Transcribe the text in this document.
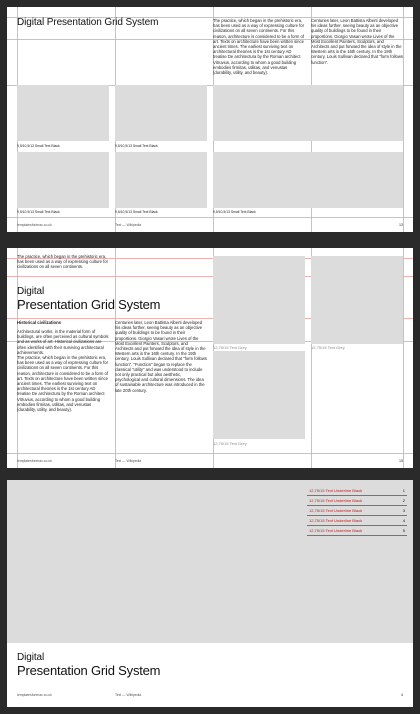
Digital Presentation Grid System	The practice, which began in the prehistoric era, has been used as a way of expressing culture for civilizations on all seven continents. For this reason, architecture is considered to be a form of art. Texts on architecture have been written since ancient times. The earliest surviving text on architectural theories is the 1st century AD treatise De architectura by the Roman architect Vitruvius, according to whom a good building embodies firmitas, utilitas, and venustas (durability, utility, and beauty).
Centuries later, Leon Battista Alberti developed his ideas further, seeing beauty as an objective quality of buildings to be found in their proportions. Giorgio Vasari wrote Lives of the Most Excellent Painters, Sculptors, and Architects and put forward the idea of style in the Western arts in the 16th century. In the 19th century, Louis Sullivan declared that "form follows function".
9,5/10,5/13 Small Text Black	9,5/10,5/13 Small Text Black
9,5/10,5/13 Small Text Black	9,5/10,5/13 Small Text Black	9,5/10,5/13 Small Text Black
templatesforimac.co.uk	Text — Wikipedia	13
The practice, which began in the prehistoric era, has been used as a way of expressing culture for civilizations on all seven continents.
Digital
Presentation Grid System
Historical civilizations
Architectural works, in the material form of buildings, are often perceived as cultural symbols and as works of art. Historical civilizations are often identified with their surviving architectural achievements.
The practice, which began in the prehistoric era, has been used as a way of expressing culture for civilizations on all seven continents. For this reason, architecture is considered to be a form of art. Texts on architecture have been written since ancient times. The earliest surviving text on architectural theories is the 1st century AD treatise De architectura by the Roman architect Vitruvius, according to whom a good building embodies firmitas, utilitas, and venustas (durability, utility, and beauty).
Centuries later, Leon Battista Alberti developed his ideas further, seeing beauty as an objective quality of buildings to be found in their proportions. Giorgio Vasari wrote Lives of the Most Excellent Painters, Sculptors, and Architects and put forward the idea of style in the Western arts in the 16th century. In the 19th century, Louis Sullivan declared that "form follows function". "Function" began to replace the classical "utility" and was understood to include not only practical but also aesthetic, psychological and cultural dimensions. The idea of sustainable architecture was introduced in the late 20th century.
12,75/15 Text Grey
12,75/15 Text Grey
12,75/15 Text Grey
templatesforimac.co.uk	Text — Wikipedia	15
12,75/15 Text Underline Black	1
12,75/15 Text Underline Black	2
12,75/15 Text Underline Black	3
12,75/15 Text Underline Black	4
12,75/15 Text Underline Black	5
Digital
Presentation Grid System
templatesforimac.co.uk	Text — Wikipedia	4
